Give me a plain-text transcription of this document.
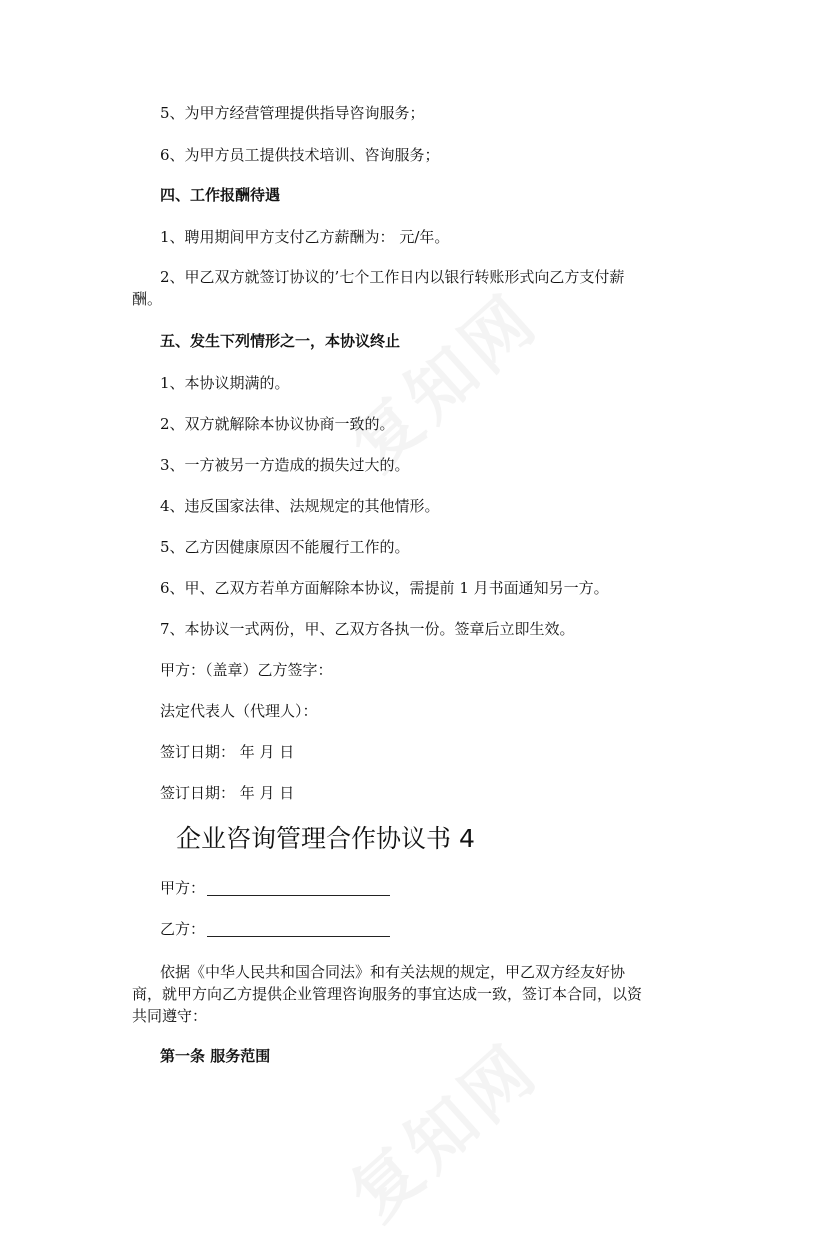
复知网
复知网
5、为甲方经营管理提供指导咨询服务；
6、为甲方员工提供技术培训、咨询服务；
四、工作报酬待遇
1、聘用期间甲方支付乙方薪酬为： 元/年。
2、甲乙双方就签订协议的’七个工作日内以银行转账形式向乙方支付薪
酬。
五、发生下列情形之一，本协议终止
1、本协议期满的。
2、双方就解除本协议协商一致的。
3、一方被另一方造成的损失过大的。
4、违反国家法律、法规规定的其他情形。
5、乙方因健康原因不能履行工作的。
6、甲、乙双方若单方面解除本协议，需提前 1 月书面通知另一方。
7、本协议一式两份，甲、乙双方各执一份。签章后立即生效。
甲方：（盖章）乙方签字：
法定代表人（代理人）：
签订日期： 年 月 日
签订日期： 年 月 日
企业咨询管理合作协议书 4
甲方：
乙方：
依据《中华人民共和国合同法》和有关法规的规定，甲乙双方经友好协
商，就甲方向乙方提供企业管理咨询服务的事宜达成一致，签订本合同，以资
共同遵守：
第一条 服务范围
